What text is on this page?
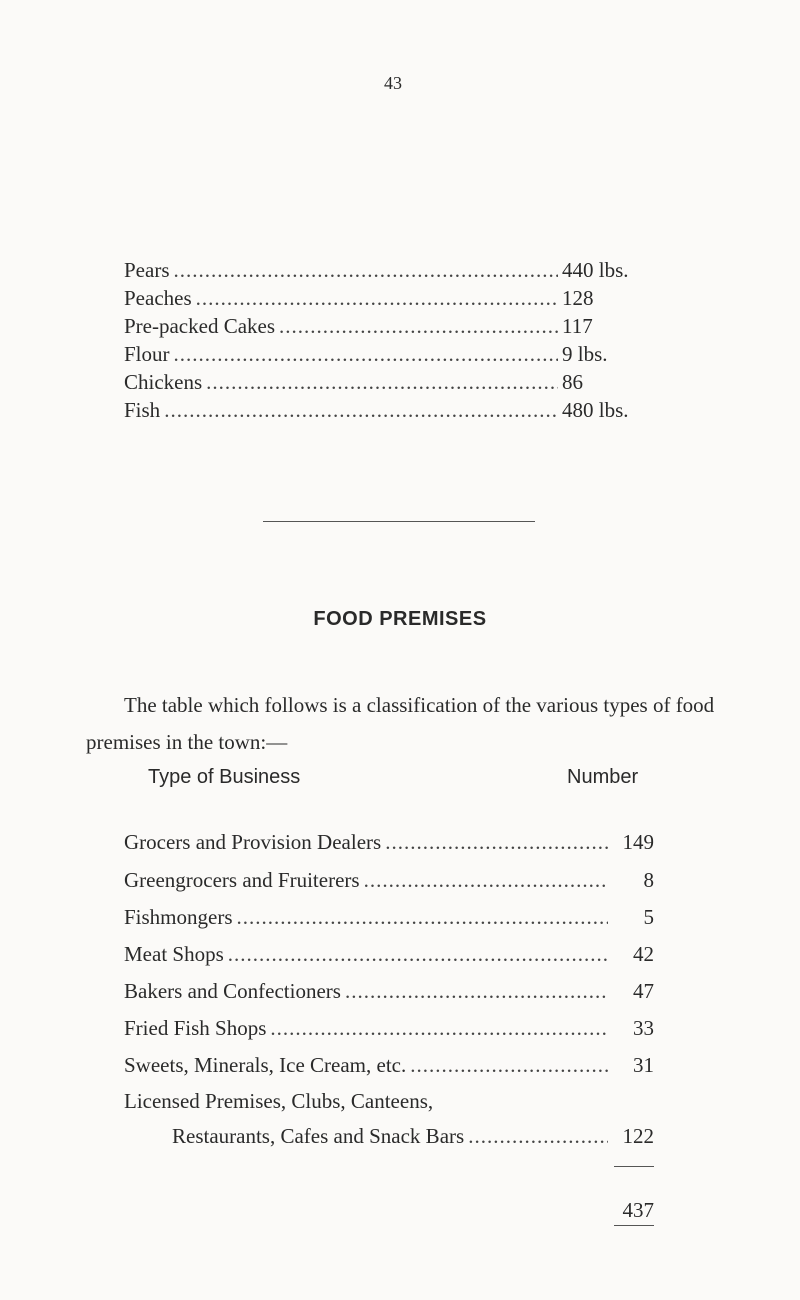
43
Pears .....	440 lbs.
Peaches .....	128
Pre-packed Cakes .....	117
Flour .....	9 lbs.
Chickens .....	86
Fish .....	480 lbs.
FOOD PREMISES
The table which follows is a classification of the various types of food premises in the town:—
Type of Business	Number
Grocers and Provision Dealers .....	149
Greengrocers and Fruiterers .....	8
Fishmongers .....	5
Meat Shops .....	42
Bakers and Confectioners .....	47
Fried Fish Shops .....	33
Sweets, Minerals, Ice Cream, etc. .....	31
Licensed Premises, Clubs, Canteens,
Restaurants, Cafes and Snack Bars .....	122
437
